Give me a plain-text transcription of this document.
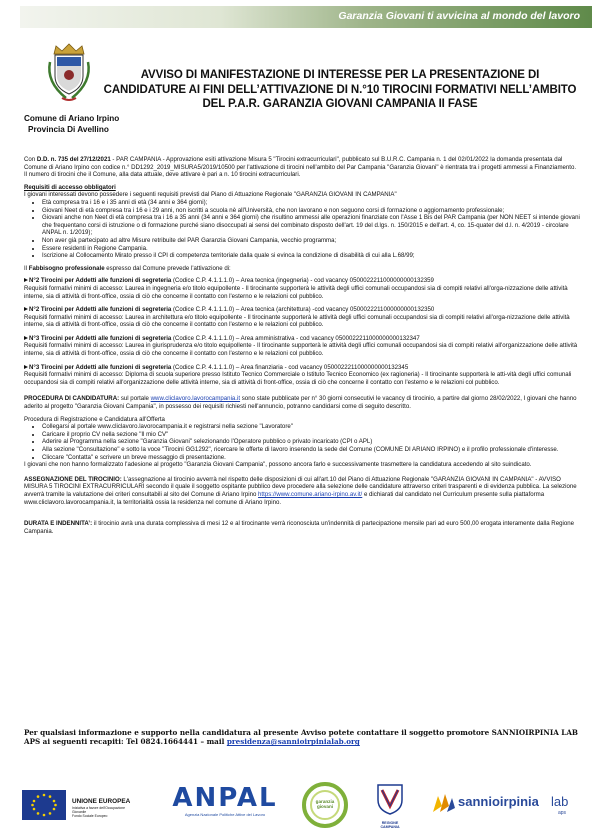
Garanzia Giovani ti avvicina al mondo del lavoro
Comune di Ariano Irpino
Provincia Di Avellino
AVVISO DI MANIFESTAZIONE DI INTERESSE PER LA PRESENTAZIONE DI CANDIDATURE AI FINI DELL’ATTIVAZIONE DI N.°10 TIROCINI FORMATIVI NELL’AMBITO DEL P.A.R. GARANZIA GIOVANI CAMPANIA II FASE

Con D.D. n. 735 del 27/12/2021 - PAR CAMPANIA - Approvazione esiti attivazione Misura 5 "Tirocini extracurriculari", pubblicato sul B.U.R.C. Campania n. 1 del 02/01/2022 la domanda presentata dal Comune di Ariano Irpino con codice n.° DD1292_2019_MISURA5/2019/10500 per l'attivazione di tirocini nell'ambito del Par Campania "Garanzia Giovani" è rientrata tra i progetti ammessi a Finanziamento. Il numero di tirocini che il Comune, alla data attuale, deve attivare è pari a n. 10 tirocini extracurriculari.

Requisiti di accesso obbligatori
I giovani interessati devono possedere i seguenti requisiti previsti dal Piano di Attuazione Regionale "GARANZIA GIOVANI IN CAMPANIA"
• Età compresa tra i 16 e i 35 anni di età (34 anni e 364 giorni);
• Giovani Neet di età compresa tra i 16 e i 29 anni, non iscritti a scuola nè all'Università, che non lavorano e non seguono corsi di formazione o aggiornamento professionale;
• Giovani anche non Neet di età compresa tra i 16 a 35 anni (34 anni e 364 giorni) che risultino ammessi alle operazioni finanziate con l'Asse 1 Bis del PAR Campania (per NON NEET si intende giovani che frequentano corsi di istruzione o di formazione purché siano disoccupati ai sensi del combinato disposto dell'art. 19 del d.lgs. n. 150/2015 e dell'art. 4, co. 15-quater del d.l. n. 4/2019 - circolare ANPAL n. 1/2019);
• Non aver già partecipato ad altre Misure retribuite del PAR Garanzia Giovani Campania, vecchio programma;
• Essere residenti in Regione Campania.
• Iscrizione al Collocamento Mirato presso il CPI di competenza territoriale dalla quale si evinca la condizione di disabilità di cui alla L.68/99;

Il Fabbisogno professionale espresso dal Comune prevede l'attivazione di:

N°2 Tirocini per Addetti alle funzioni di segreteria (Codice C.P. 4.1.1.1.0) – Area tecnica (ingegneria) - cod vacancy 0500022211000000000132359
Requisiti formativi minimi di accesso: Laurea in ingegneria e/o titolo equipollente - Il tirocinante supporterà le attività degli uffici comunali occupandosi sia di compiti relativi all'orga-nizzazione delle attività interne, sia di attività di front-office, ossia di ciò che concerne il contatto con l'esterno e le relazioni col pubblico.
N°2 Tirocini per Addetti alle funzioni di segreteria (Codice C.P. 4.1.1.1.0) – Area tecnica (architettura) -cod vacancy 0500022211000000000132350
Requisiti formativi minimi di accesso: Laurea in architettura e/o titolo equipollente - Il tirocinante supporterà le attività degli uffici comunali occupandosi sia di compiti relativi all'orga-nizzazione delle attività interne, sia di attività di front-office, ossia di ciò che concerne il contatto con l'esterno e le relazioni col pubblico.
N°3 Tirocini per Addetti alle funzioni di segreteria (Codice C.P. 4.1.1.1.0) – Area amministrativa - cod vacancy 0500022211000000000132347
Requisiti formativi minimi di accesso: Laurea in giurisprudenza e/o titolo equipollente - Il tirocinante supporterà le attività degli uffici comunali occupandosi sia di compiti relativi all'organizzazione delle attività interne, sia di attività di front-office, ossia di ciò che concerne il contatto con l'esterno e le relazioni col pubblico.
N°3 Tirocini per Addetti alle funzioni di segreteria (Codice C.P. 4.1.1.1.0) – Area finanziaria - cod vacancy 0500022211000000000132345
Requisiti formativi minimi di accesso: Diploma di scuola superiore presso Istituto Tecnico Commerciale o Istituto Tecnico Economico (ex ragioneria) - Il tirocinante supporterà le atti-vità degli uffici comunali occupandosi sia di compiti relativi all'organizzazione delle attività interne, sia di attività di front-office, ossia di ciò che concerne il contatto con l'esterno e le relazioni col pubblico.

PROCEDURA DI CANDIDATURA: sul portale www.cliclavoro.lavorocampania.it sono state pubblicate per n° 30 giorni consecutivi le vacancy di tirocinio, a partire dal giorno 28/02/2022, I giovani che hanno aderito al progetto "Garanzia Giovani Campania", in possesso dei requisiti richiesti nell'annuncio, potranno candidarsi come di seguito descritto.

Procedura di Registrazione e Candidatura all'Offerta
• Collegarsi al portale www.cliclavoro.lavorocampania.it e registrarsi nella sezione "Lavoratore"
• Caricare il proprio CV nella sezione "Il mio CV"
• Aderire al Programma nella sezione "Garanzia Giovani" selezionando l'Operatore pubblico o privato incaricato (CPI o APL)
• Alla sezione "Consultazione" e sotto la voce "Tirocini GG1292", ricercare le offerte di lavoro inserendo la sede del Comune (COMUNE DI ARIANO IRPINO) e il profilo professionale d'interesse.
• Cliccare "Contatta" e scrivere un breve messaggio di presentazione.

I giovani che non hanno formalizzato l'adesione al progetto "Garanzia Giovani Campania", possono ancora farlo e successivamente trasmettere la candidatura accedendo al sito suindicato.

ASSEGNAZIONE DEL TIROCINIO: L'assegnazione al tirocinio avverrà nel rispetto delle disposizioni di cui all'art.10 del Piano di Attuazione Regionale "GARANZIA GIOVANI IN CAMPANIA" - AVVISO MISURA 5 TIROCINI EXTRACURRICULARI secondo il quale il soggetto ospitante pubblico deve procedere alla selezione delle candidature attraverso criteri trasparenti e di evidenza pubblica. La selezione avverrà tramite la valutazione dei criteri consultabili al sito del Comune di Ariano Irpino https://www.comune.ariano-irpino.av.it/ e dichiarati dal candidato nel Curriculum presente sulla piattaforma www.cliclavoro.lavorocampania.it, la territorialità ossia la residenza nel comune di Ariano Irpino.

DURATA E INDENNITA’: il tirocinio avrà una durata complessiva di mesi 12 e al tirocinante verrà riconosciuta un'indennità di partecipazione mensile pari ad euro 500,00 erogata interamente dalla Regione Campania.

Per qualsiasi informazione e supporto nella candidatura al presente Avviso potete contattare il soggetto promotore SANNIOIRPINIA LAB APS ai seguenti recapiti: Tel 0824.1664441 – mail presidenza@sannioirpinialab.org
UNIONE EUROPEA
Iniziativa a favore dell'Occupazione Giovanile
Fondo Sociale Europeo
ANPAL
Agenzia Nazionale Politiche Attive del Lavoro
garanzia giovani
REGIONE CAMPANIA
sannioirpinia lab
aps
